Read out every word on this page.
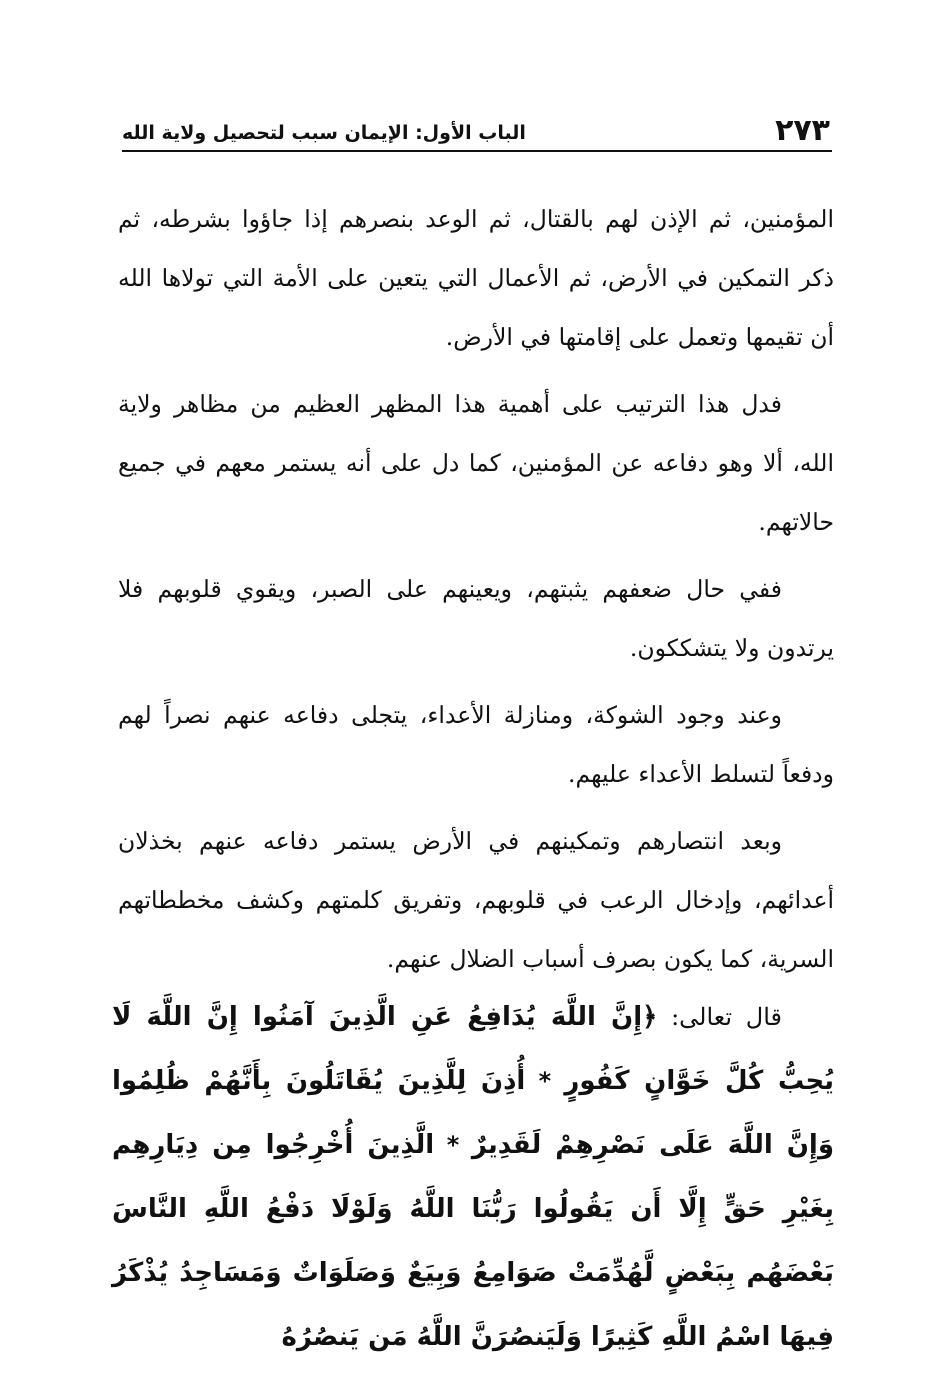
٢٧٣
الباب الأول: الإيمان سبب لتحصيل ولاية الله

المؤمنين، ثم الإذن لهم بالقتال، ثم الوعد بنصرهم إذا جاؤوا بشرطه، ثم ذكر التمكين في الأرض، ثم الأعمال التي يتعين على الأمة التي تولاها الله أن تقيمها وتعمل على إقامتها في الأرض.

فدل هذا الترتيب على أهمية هذا المظهر العظيم من مظاهر ولاية الله، ألا وهو دفاعه عن المؤمنين، كما دل على أنه يستمر معهم في جميع حالاتهم.

ففي حال ضعفهم يثبتهم، ويعينهم على الصبر، ويقوي قلوبهم فلا يرتدون ولا يتشككون.

وعند وجود الشوكة، ومنازلة الأعداء، يتجلى دفاعه عنهم نصراً لهم ودفعاً لتسلط الأعداء عليهم.

وبعد انتصارهم وتمكينهم في الأرض يستمر دفاعه عنهم بخذلان أعدائهم، وإدخال الرعب في قلوبهم، وتفريق كلمتهم وكشف مخططاتهم السرية، كما يكون بصرف أسباب الضلال عنهم.

قال تعالى: ﴿إِنَّ اللَّهَ يُدَافِعُ عَنِ الَّذِينَ آمَنُوا إِنَّ اللَّهَ لَا يُحِبُّ كُلَّ خَوَّانٍ كَفُورٍ * أُذِنَ لِلَّذِينَ يُقَاتَلُونَ بِأَنَّهُمْ ظُلِمُوا وَإِنَّ اللَّهَ عَلَى نَصْرِهِمْ لَقَدِيرٌ * الَّذِينَ أُخْرِجُوا مِن دِيَارِهِم بِغَيْرِ حَقٍّ إِلَّا أَن يَقُولُوا رَبُّنَا اللَّهُ وَلَوْلَا دَفْعُ اللَّهِ النَّاسَ بَعْضَهُم بِبَعْضٍ لَّهُدِّمَتْ صَوَامِعُ وَبِيَعٌ وَصَلَوَاتٌ وَمَسَاجِدُ يُذْكَرُ فِيهَا اسْمُ اللَّهِ كَثِيرًا وَلَيَنصُرَنَّ اللَّهُ مَن يَنصُرُهُ
